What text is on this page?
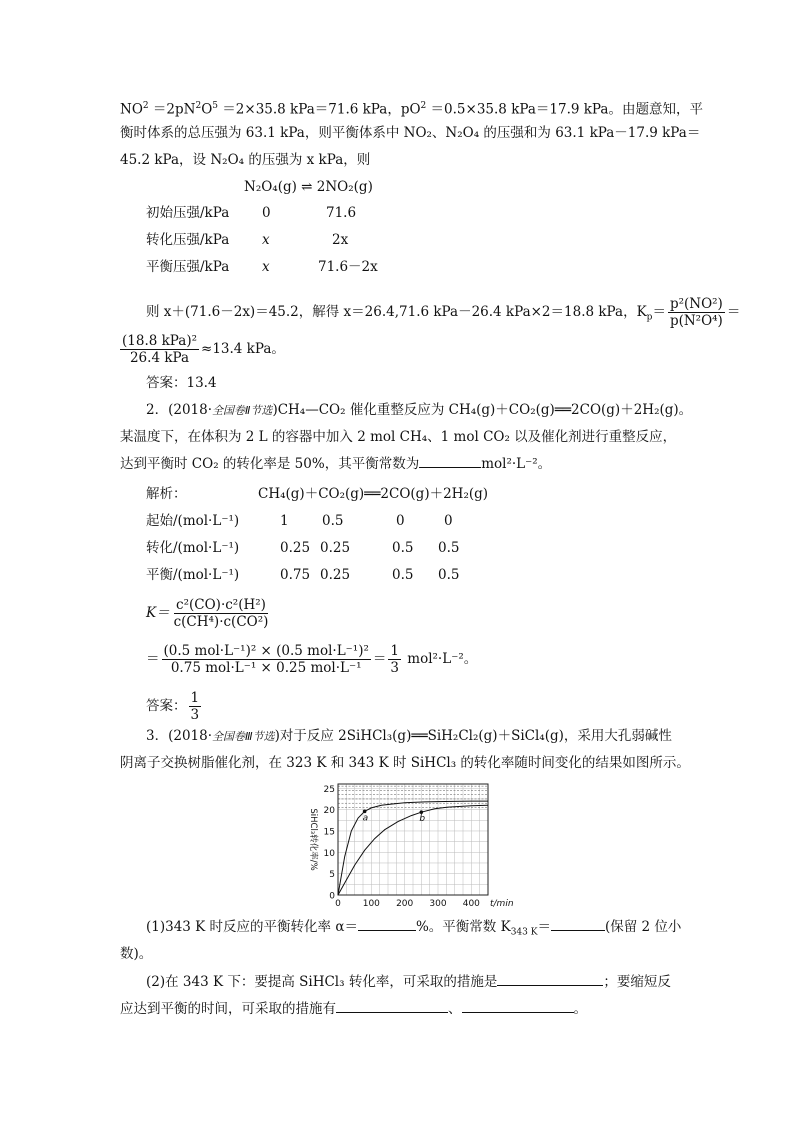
$NO^2 =2pN^2O^5 =2\times 35.8$ kPa＝71.6 kPa，$pO^2 =0.5\times 35.8$ kPa＝17.9 kPa。由题意知，平
衡时体系的总压强为 63.1 kPa，则平衡体系中 NO₂、N₂O₄ 的压强和为 63.1 kPa－17.9 kPa＝
45.2 kPa，设 N₂O₄ 的压强为 x kPa，则
N₂O₄(g) ⇌ 2NO₂(g)
初始压强/kPa 0	71.6
转化压强/kPa x	2x
平衡压强/kPa x	71.6－2x
则 x＋(71.6－2x)＝45.2，解得 x＝26.4,71.6 kPa－26.4 kPa×2＝18.8 kPa，$K_p= \frac{\text{p²(NO²)}}{\text{p(N²O⁴)}}$ ＝
$\frac{\text{(18.8 kPa)²}}{\text{26.4 kPa}} \approx 13.4$ kPa。
答案：13.4
2．(2018·全国卷Ⅱ节选)CH₄—CO₂ 催化重整反应为 CH₄(g)＋CO₂(g)══2CO(g)＋2H₂(g)。
某温度下，在体积为 2 L 的容器中加入 2 mol CH₄、1 mol CO₂ 以及催化剂进行重整反应，
达到平衡时 CO₂ 的转化率是 50%，其平衡常数为	mol²·L⁻²。
解析：	CH₄(g)＋CO₂(g)══2CO(g)＋2H₂(g)
起始/(mol·L⁻¹)	1 0.5	0	0
转化/(mol·L⁻¹)	0.25 0.25	0.5 0.5
平衡/(mol·L⁻¹)	0.75 0.25	0.5 0.5
$K= \frac{\text{c²(CO)·c²(H²)}}{\text{c(CH⁴)·c(CO²)}}$
＝ $\frac{\text{(0.5 mol·L⁻¹)² × (0.5 mol·L⁻¹)²}}{\text{0.75 mol·L⁻¹ × 0.25 mol·L⁻¹}} = \frac{1}{3} mol^2\cdot L^{-2}$。
答案： $\frac{1}{3}$
3．(2018·全国卷Ⅲ节选)对于反应 2SiHCl₃(g)══SiH₂Cl₂(g)＋SiCl₄(g)，采用大孔弱碱性
阴离子交换树脂催化剂，在 323 K 和 343 K 时 SiHCl₃ 的转化率随时间变化的结果如图所示。
0
5
10
15
20
25
0 100 200 300 400 t/min
SiHCl₃转化率/%	a	b
(1)343 K 时反应的平衡转化率 α＝	%。平衡常数 $K_{343 K}=$	(保留 2 位小
数)。
(2)在 343 K 下：要提高 SiHCl₃ 转化率，可采取的措施是	；要缩短反
应达到平衡的时间，可采取的措施有	、	。
